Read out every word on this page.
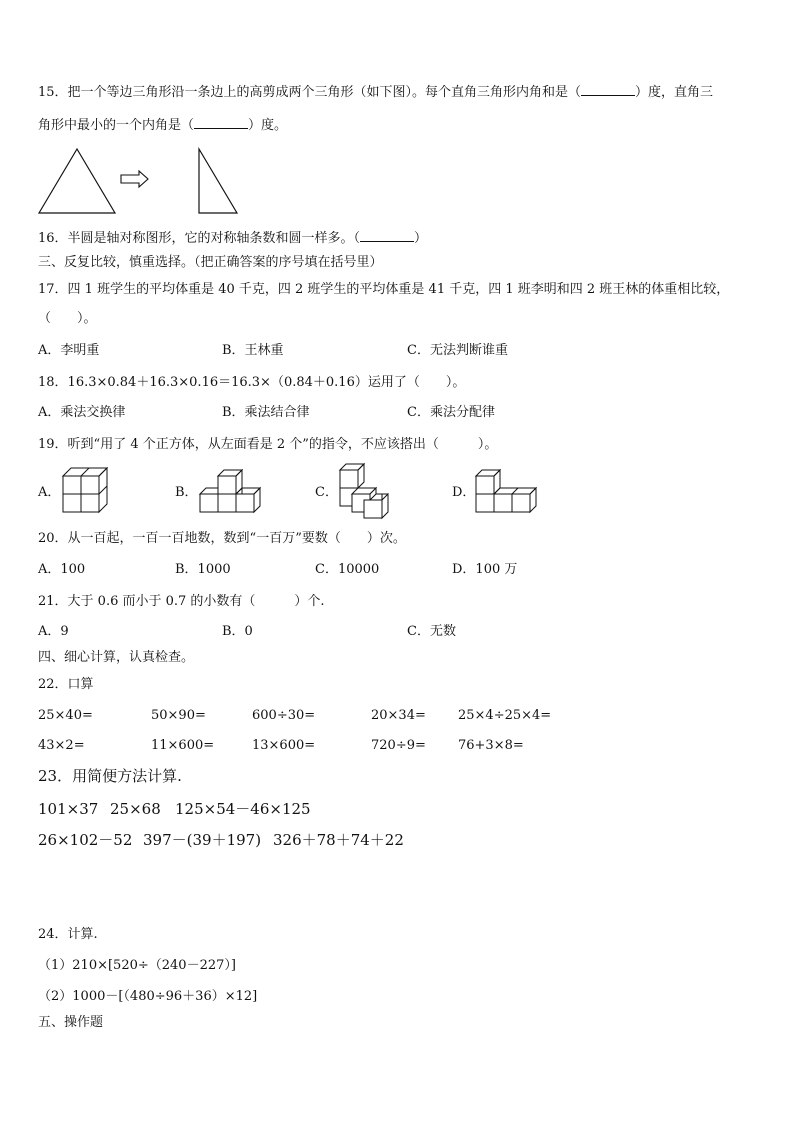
15．把一个等边三角形沿一条边上的高剪成两个三角形（如下图）。每个直角三角形内角和是（	）度，直角三
角形中最小的一个内角是（	）度。
16．半圆是轴对称图形，它的对称轴条数和圆一样多。（	）
三、反复比较，慎重选择。（把正确答案的序号填在括号里）
17．四 1 班学生的平均体重是 40 千克，四 2 班学生的平均体重是 41 千克，四 1 班李明和四 2 班王林的体重相比较，
（　　）。
A．李明重	B．王林重	C．无法判断谁重
18．16.3×0.84＋16.3×0.16＝16.3×（0.84＋0.16）运用了（　　）。
A．乘法交换律	B．乘法结合律	C．乘法分配律
19．听到“用了 4 个正方体，从左面看是 2 个”的指令，不应该搭出（　　　）。
A．	B．	C．	D．
20．从一百起，一百一百地数，数到“一百万”要数（　　）次。
A．100	B．1000	C．10000	D．100 万
21．大于 0.6 而小于 0.7 的小数有（　　　）个.
A．9	B．0	C．无数
四、细心计算，认真检查。
22．口算
25×40=	50×90=	600÷30=	20×34= 25×4÷25×4=
43×2=	11×600=	13×600=	720÷9= 76+3×8=
23．用简便方法计算.
101×37 25×68 125×54－46×125
26×102－52 397－(39＋197) 326＋78＋74＋22
24．计算.
（1）210×[520÷（240－227）]
（2）1000－[（480÷96＋36）×12]
五、操作题
